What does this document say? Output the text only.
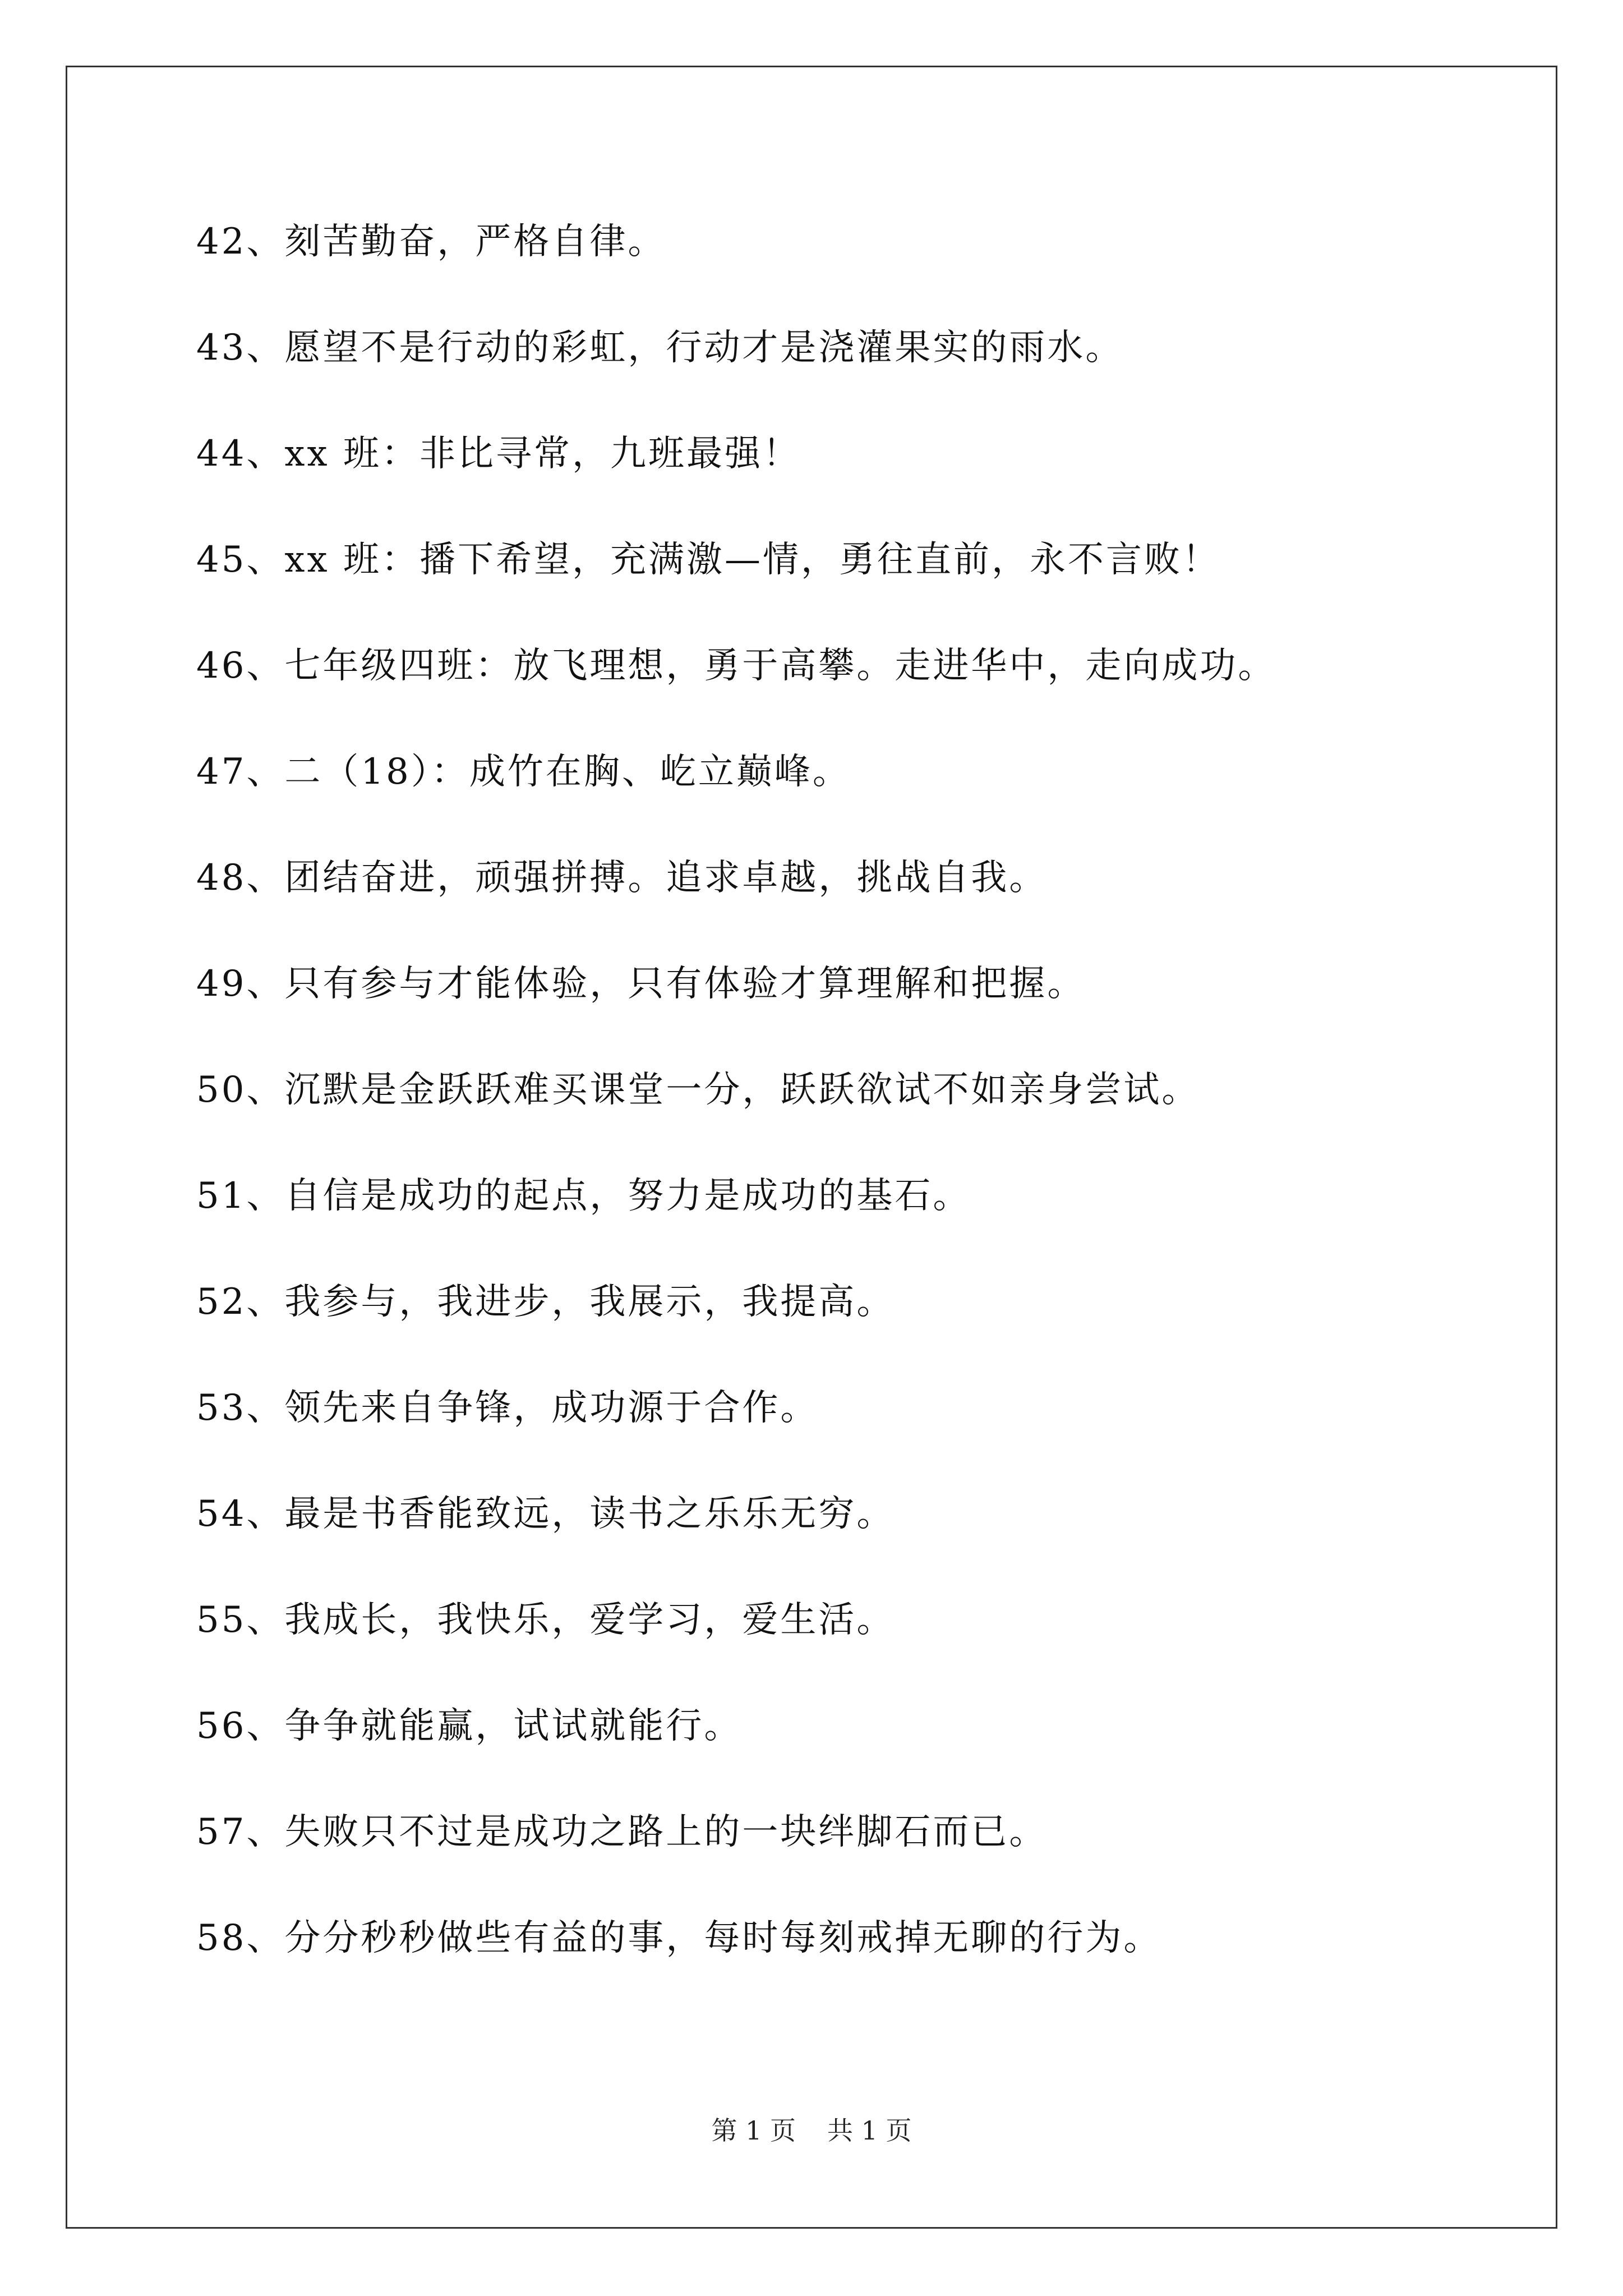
42、刻苦勤奋，严格自律。
43、愿望不是行动的彩虹，行动才是浇灌果实的雨水。
44、xx 班：非比寻常，九班最强！
45、xx 班：播下希望，充满激—情，勇往直前，永不言败！
46、七年级四班：放飞理想，勇于高攀。走进华中，走向成功。
47、二（18）：成竹在胸、屹立巅峰。
48、团结奋进，顽强拼搏。追求卓越，挑战自我。
49、只有参与才能体验，只有体验才算理解和把握。
50、沉默是金跃跃难买课堂一分，跃跃欲试不如亲身尝试。
51、自信是成功的起点，努力是成功的基石。
52、我参与，我进步，我展示，我提高。
53、领先来自争锋，成功源于合作。
54、最是书香能致远，读书之乐乐无穷。
55、我成长，我快乐，爱学习，爱生活。
56、争争就能赢，试试就能行。
57、失败只不过是成功之路上的一块绊脚石而已。
58、分分秒秒做些有益的事，每时每刻戒掉无聊的行为。
第 1 页 共 1 页
